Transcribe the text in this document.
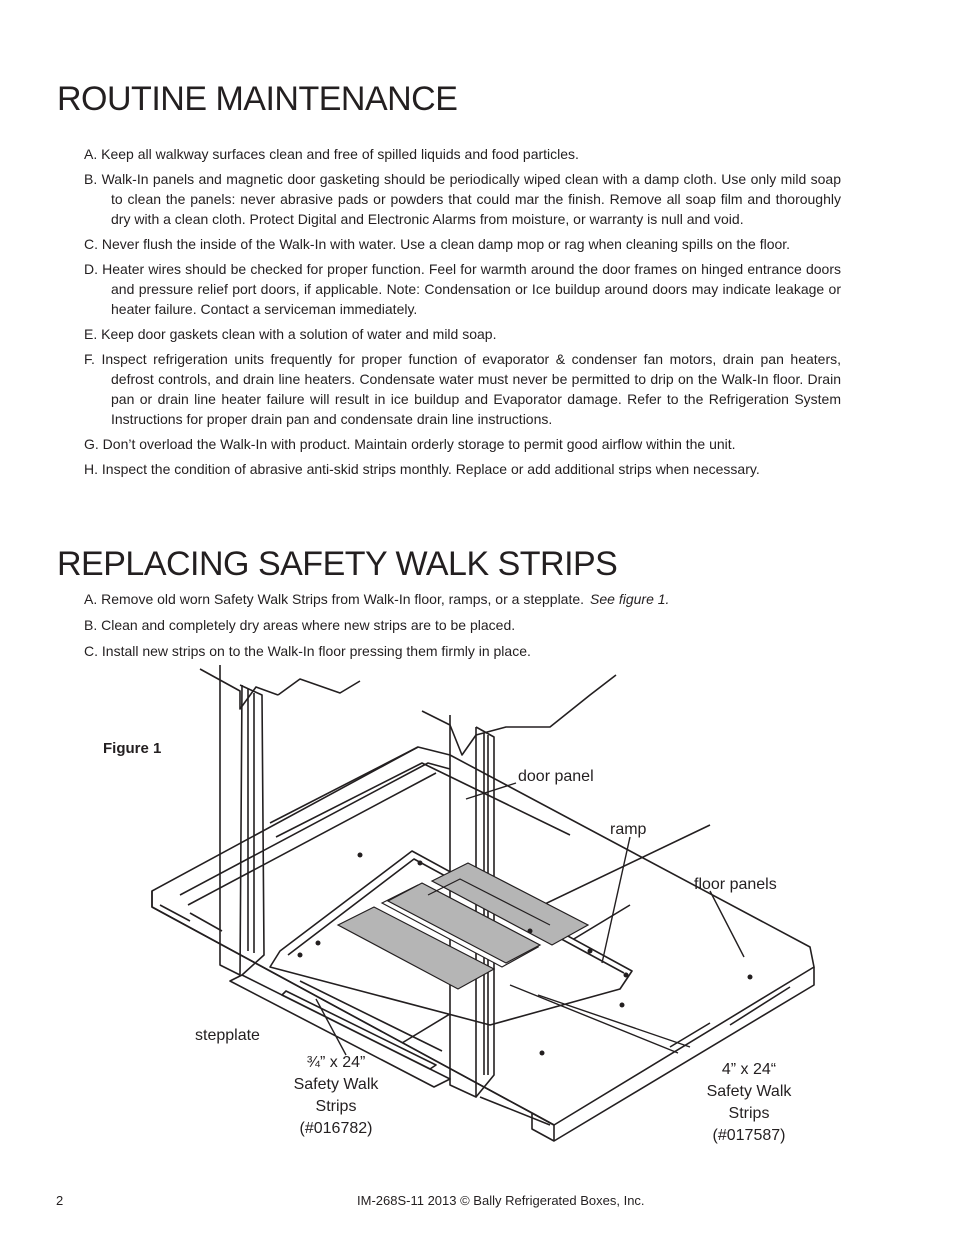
ROUTINE MAINTENANCE
A. Keep all walkway surfaces clean and free of spilled liquids and food particles.
B. Walk-In panels and magnetic door gasketing should be periodically wiped clean with a damp cloth. Use only mild soap to clean the panels: never abrasive pads or powders that could mar the finish. Remove all soap film and thoroughly dry with a clean cloth. Protect Digital and Electronic Alarms from moisture, or warranty is null and void.
C. Never flush the inside of the Walk-In with water. Use a clean damp mop or rag when cleaning spills on the floor.
D. Heater wires should be checked for proper function. Feel for warmth around the door frames on hinged entrance doors and pressure relief port doors, if applicable. Note: Condensation or Ice buildup around doors may indicate leakage or heater failure. Contact a serviceman immediately.
E. Keep door gaskets clean with a solution of water and mild soap.
F. Inspect refrigeration units frequently for proper function of evaporator & condenser fan motors, drain pan heaters, defrost controls, and drain line heaters. Condensate water must never be permitted to drip on the Walk-In floor. Drain pan or drain line heater failure will result in ice buildup and Evaporator damage. Refer to the Refrigeration System Instructions for proper drain pan and condensate drain line instructions.
G. Don’t overload the Walk-In with product. Maintain orderly storage to permit good airflow within the unit.
H. Inspect the condition of abrasive anti-skid strips monthly. Replace or add additional strips when necessary.
REPLACING SAFETY WALK STRIPS
A. Remove old worn Safety Walk Strips from Walk-In floor, ramps, or a stepplate. See figure 1.
B. Clean and completely dry areas where new strips are to be placed.
C. Install new strips on to the Walk-In floor pressing them firmly in place.
Figure 1
door panel
ramp
floor panels
stepplate
¾” x 24”
Safety Walk
Strips
(#016782)
4” x 24“
Safety Walk
Strips
(#017587)
2	IM-268S-11 2013 © Bally Refrigerated Boxes, Inc.
